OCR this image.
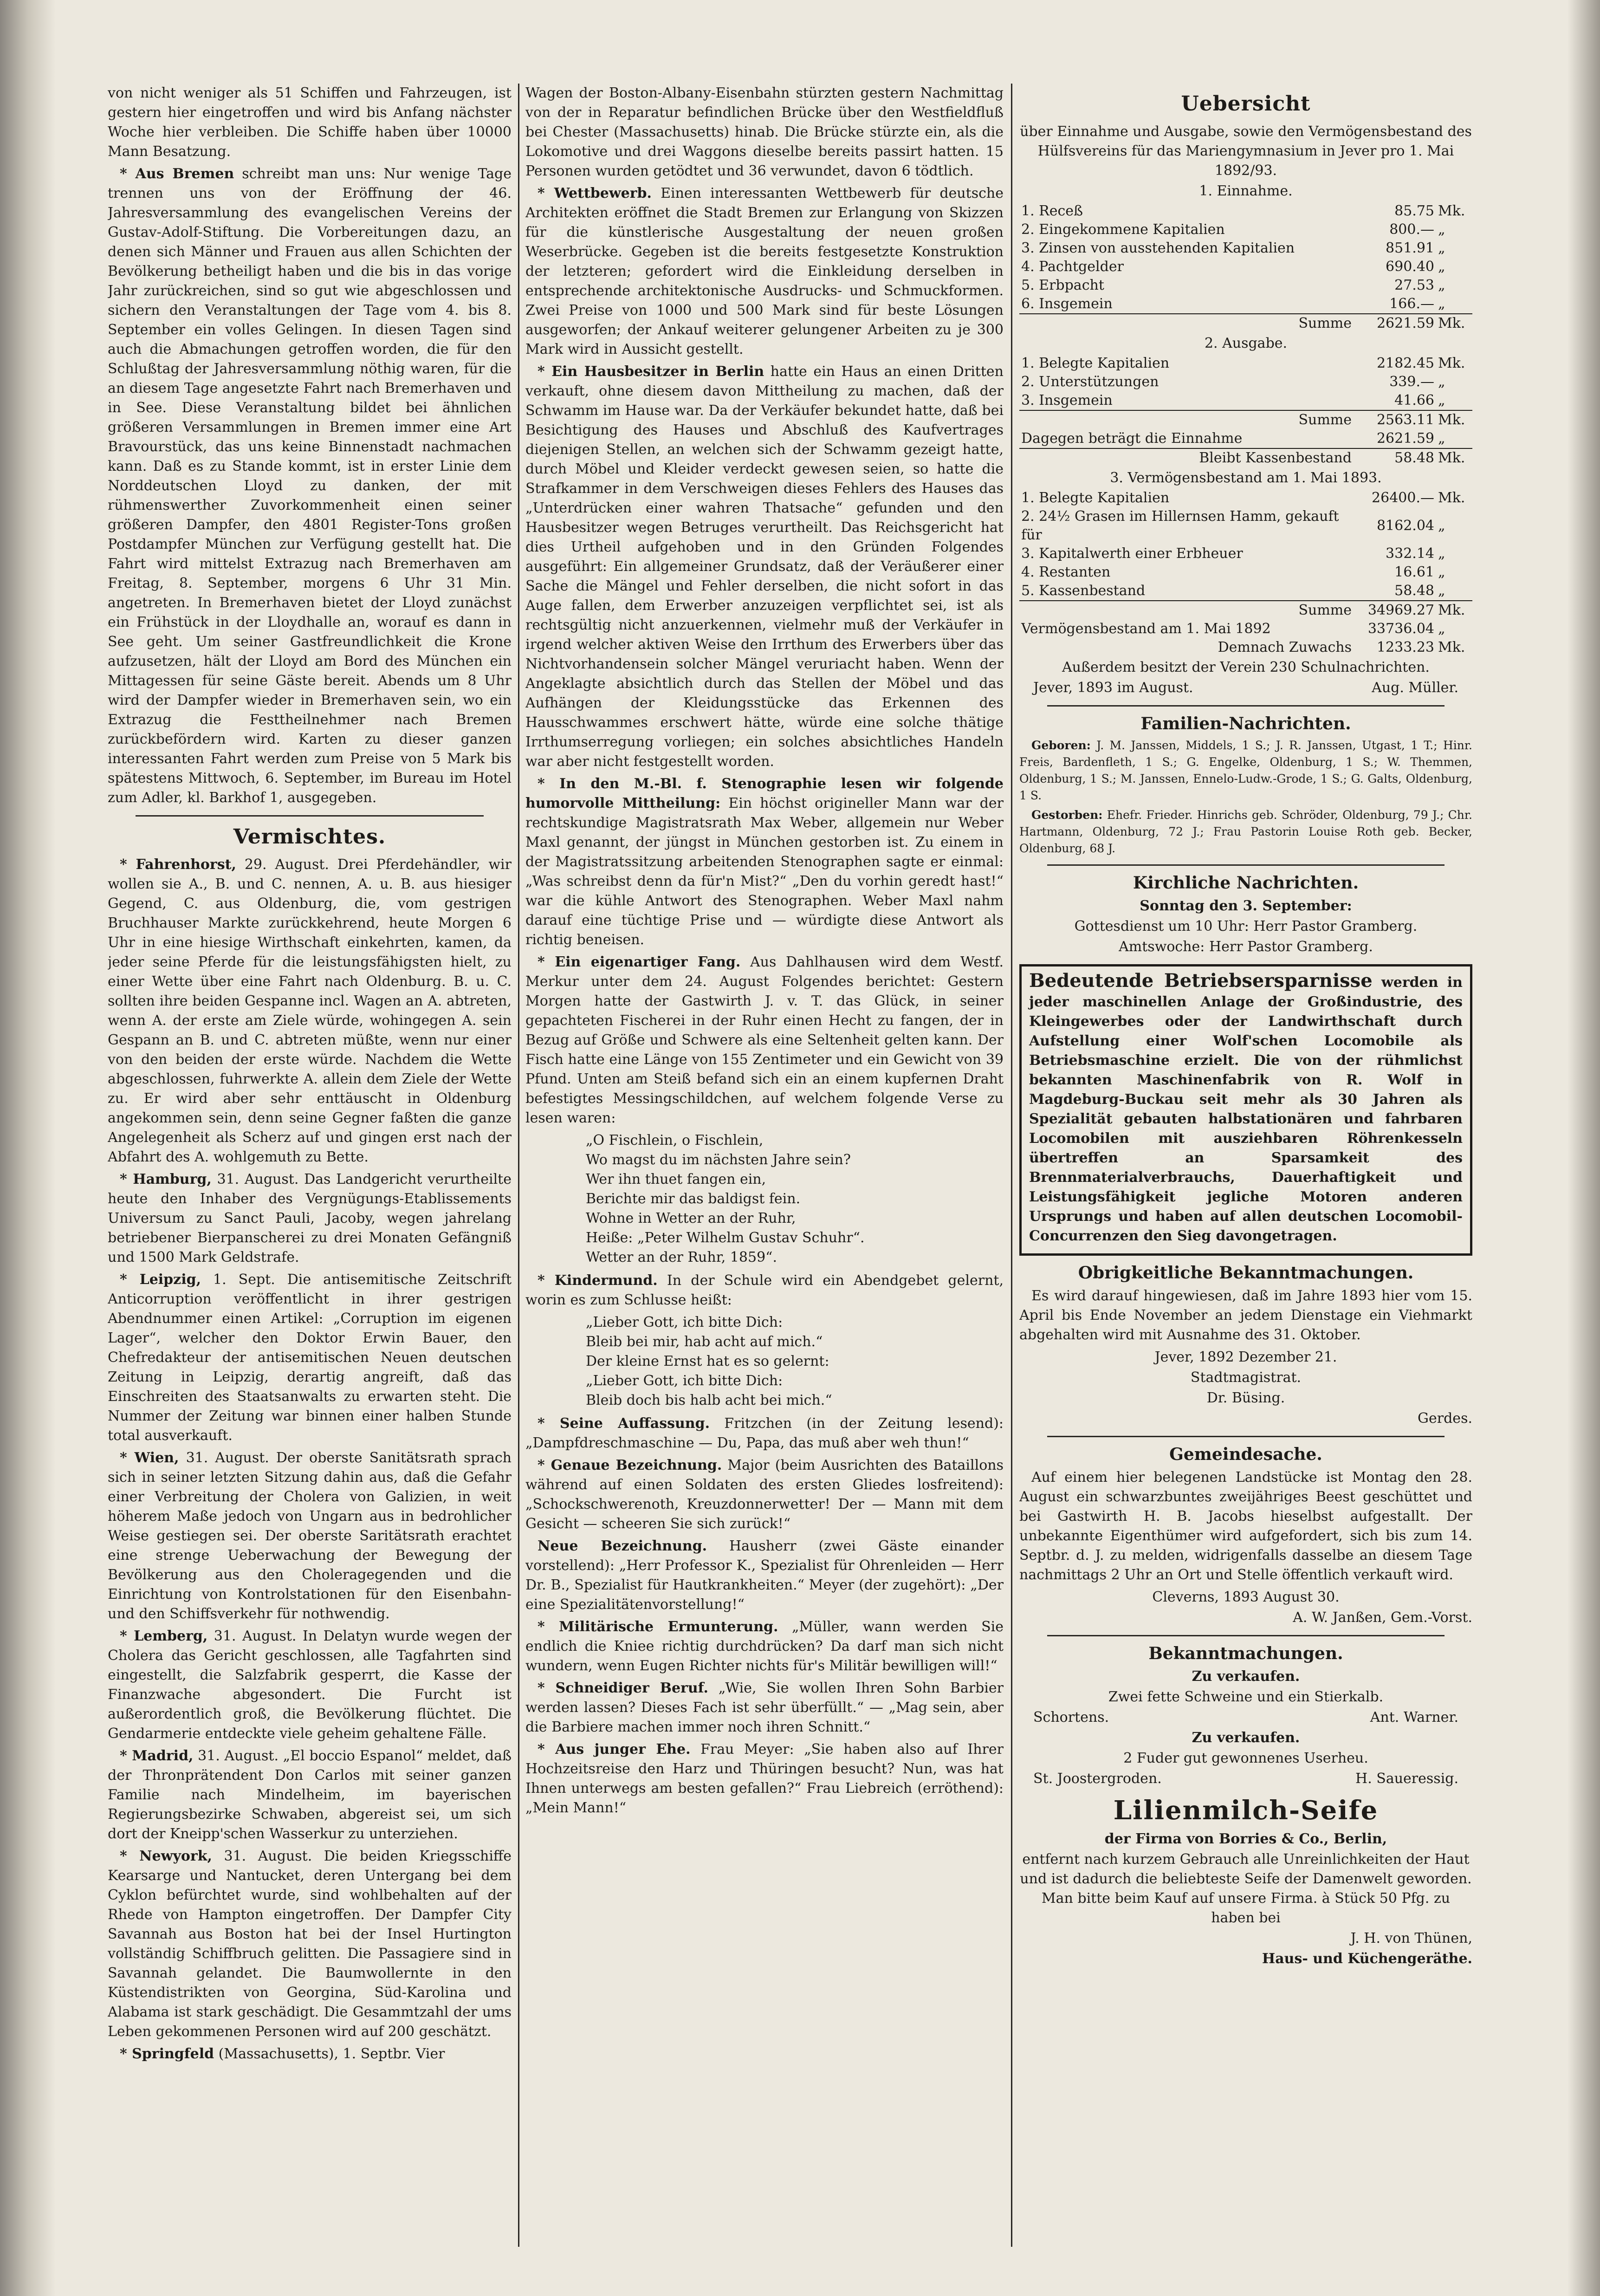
von nicht weniger als 51 Schiffen und Fahrzeugen, ist gestern hier eingetroffen und wird bis Anfang nächster Woche hier verbleiben. Die Schiffe haben über 10000 Mann Besatzung.

* Aus Bremen schreibt man uns: Nur wenige Tage trennen uns von der Eröffnung der 46. Jahresversammlung des evangelischen Vereins der Gustav-Adolf-Stiftung. Die Vorbereitungen dazu, an denen sich Männer und Frauen aus allen Schichten der Bevölkerung betheiligt haben und die bis in das vorige Jahr zurückreichen, sind so gut wie abgeschlossen und sichern den Veranstaltungen der Tage vom 4. bis 8. September ein volles Gelingen. In diesen Tagen sind auch die Abmachungen getroffen worden, die für den Schlußtag der Jahresversammlung nöthig waren, für die an diesem Tage angesetzte Fahrt nach Bremerhaven und in See. Diese Veranstaltung bildet bei ähnlichen größeren Versammlungen in Bremen immer eine Art Bravourstück, das uns keine Binnenstadt nachmachen kann. Daß es zu Stande kommt, ist in erster Linie dem Norddeutschen Lloyd zu danken, der mit rühmenswerther Zuvorkommenheit einen seiner größeren Dampfer, den 4801 Register-Tons großen Postdampfer München zur Verfügung gestellt hat. Die Fahrt wird mittelst Extrazug nach Bremerhaven am Freitag, 8. September, morgens 6 Uhr 31 Min. angetreten. In Bremerhaven bietet der Lloyd zunächst ein Frühstück in der Lloydhalle an, worauf es dann in See geht. Um seiner Gastfreundlichkeit die Krone aufzusetzen, hält der Lloyd am Bord des München ein Mittagessen für seine Gäste bereit. Abends um 8 Uhr wird der Dampfer wieder in Bremerhaven sein, wo ein Extrazug die Festtheilnehmer nach Bremen zurückbefördern wird. Karten zu dieser ganzen interessanten Fahrt werden zum Preise von 5 Mark bis spätestens Mittwoch, 6. September, im Bureau im Hotel zum Adler, kl. Barkhof 1, ausgegeben.

Vermischtes.

* Fahrenhorst, 29. August. Drei Pferdehändler, wir wollen sie A., B. und C. nennen, A. u. B. aus hiesiger Gegend, C. aus Oldenburg, die, vom gestrigen Bruchhauser Markte zurückkehrend, heute Morgen 6 Uhr in eine hiesige Wirthschaft einkehrten, kamen, da jeder seine Pferde für die leistungsfähigsten hielt, zu einer Wette über eine Fahrt nach Oldenburg. B. u. C. sollten ihre beiden Gespanne incl. Wagen an A. abtreten, wenn A. der erste am Ziele würde, wohingegen A. sein Gespann an B. und C. abtreten müßte, wenn nur einer von den beiden der erste würde. Nachdem die Wette abgeschlossen, fuhrwerkte A. allein dem Ziele der Wette zu. Er wird aber sehr enttäuscht in Oldenburg angekommen sein, denn seine Gegner faßten die ganze Angelegenheit als Scherz auf und gingen erst nach der Abfahrt des A. wohlgemuth zu Bette.

* Hamburg, 31. August. Das Landgericht verurtheilte heute den Inhaber des Vergnügungs-Etablissements Universum zu Sanct Pauli, Jacoby, wegen jahrelang betriebener Bierpanscherei zu drei Monaten Gefängniß und 1500 Mark Geldstrafe.

* Leipzig, 1. Sept. Die antisemitische Zeitschrift Anticorruption veröffentlicht in ihrer gestrigen Abendnummer einen Artikel: „Corruption im eigenen Lager“, welcher den Doktor Erwin Bauer, den Chefredakteur der antisemitischen Neuen deutschen Zeitung in Leipzig, derartig angreift, daß das Einschreiten des Staatsanwalts zu erwarten steht. Die Nummer der Zeitung war binnen einer halben Stunde total ausverkauft.

* Wien, 31. August. Der oberste Sanitätsrath sprach sich in seiner letzten Sitzung dahin aus, daß die Gefahr einer Verbreitung der Cholera von Galizien, in weit höherem Maße jedoch von Ungarn aus in bedrohlicher Weise gestiegen sei. Der oberste Saritätsrath erachtet eine strenge Ueberwachung der Bewegung der Bevölkerung aus den Choleragegenden und die Einrichtung von Kontrolstationen für den Eisenbahn- und den Schiffsverkehr für nothwendig.

* Lemberg, 31. August. In Delatyn wurde wegen der Cholera das Gericht geschlossen, alle Tagfahrten sind eingestellt, die Salzfabrik gesperrt, die Kasse der Finanzwache abgesondert. Die Furcht ist außerordentlich groß, die Bevölkerung flüchtet. Die Gendarmerie entdeckte viele geheim gehaltene Fälle.

* Madrid, 31. August. „El boccio Espanol“ meldet, daß der Thronprätendent Don Carlos mit seiner ganzen Familie nach Mindelheim, im bayerischen Regierungsbezirke Schwaben, abgereist sei, um sich dort der Kneipp'schen Wasserkur zu unterziehen.

* Newyork, 31. August. Die beiden Kriegsschiffe Kearsarge und Nantucket, deren Untergang bei dem Cyklon befürchtet wurde, sind wohlbehalten auf der Rhede von Hampton eingetroffen. Der Dampfer City Savannah aus Boston hat bei der Insel Hurtington vollständig Schiffbruch gelitten. Die Passagiere sind in Savannah gelandet. Die Baumwollernte in den Küstendistrikten von Georgina, Süd-Karolina und Alabama ist stark geschädigt. Die Gesammtzahl der ums Leben gekommenen Personen wird auf 200 geschätzt.

* Springfeld (Massachusetts), 1. Septbr. Vier

Wagen der Boston-Albany-Eisenbahn stürzten gestern Nachmittag von der in Reparatur befindlichen Brücke über den Westfieldfluß bei Chester (Massachusetts) hinab. Die Brücke stürzte ein, als die Lokomotive und drei Waggons dieselbe bereits passirt hatten. 15 Personen wurden getödtet und 36 verwundet, davon 6 tödtlich.

* Wettbewerb. Einen interessanten Wettbewerb für deutsche Architekten eröffnet die Stadt Bremen zur Erlangung von Skizzen für die künstlerische Ausgestaltung der neuen großen Weserbrücke. Gegeben ist die bereits festgesetzte Konstruktion der letzteren; gefordert wird die Einkleidung derselben in entsprechende architektonische Ausdrucks- und Schmuckformen. Zwei Preise von 1000 und 500 Mark sind für beste Lösungen ausgeworfen; der Ankauf weiterer gelungener Arbeiten zu je 300 Mark wird in Aussicht gestellt.

* Ein Hausbesitzer in Berlin hatte ein Haus an einen Dritten verkauft, ohne diesem davon Mittheilung zu machen, daß der Schwamm im Hause war. Da der Verkäufer bekundet hatte, daß bei Besichtigung des Hauses und Abschluß des Kaufvertrages diejenigen Stellen, an welchen sich der Schwamm gezeigt hatte, durch Möbel und Kleider verdeckt gewesen seien, so hatte die Strafkammer in dem Verschweigen dieses Fehlers des Hauses das „Unterdrücken einer wahren Thatsache“ gefunden und den Hausbesitzer wegen Betruges verurtheilt. Das Reichsgericht hat dies Urtheil aufgehoben und in den Gründen Folgendes ausgeführt: Ein allgemeiner Grundsatz, daß der Veräußerer einer Sache die Mängel und Fehler derselben, die nicht sofort in das Auge fallen, dem Erwerber anzuzeigen verpflichtet sei, ist als rechtsgültig nicht anzuerkennen, vielmehr muß der Verkäufer in irgend welcher aktiven Weise den Irrthum des Erwerbers über das Nichtvorhandensein solcher Mängel veruriacht haben. Wenn der Angeklagte absichtlich durch das Stellen der Möbel und das Aufhängen der Kleidungsstücke das Erkennen des Hausschwammes erschwert hätte, würde eine solche thätige Irrthumserregung vorliegen; ein solches absichtliches Handeln war aber nicht festgestellt worden.

* In den M.-Bl. f. Stenographie lesen wir folgende humorvolle Mittheilung: Ein höchst origineller Mann war der rechtskundige Magistratsrath Max Weber, allgemein nur Weber Maxl genannt, der jüngst in München gestorben ist. Zu einem in der Magistratssitzung arbeitenden Stenographen sagte er einmal: „Was schreibst denn da für'n Mist?“ „Den du vorhin geredt hast!“ war die kühle Antwort des Stenographen. Weber Maxl nahm darauf eine tüchtige Prise und — würdigte diese Antwort als richtig beneisen.

* Ein eigenartiger Fang. Aus Dahlhausen wird dem Westf. Merkur unter dem 24. August Folgendes berichtet: Gestern Morgen hatte der Gastwirth J. v. T. das Glück, in seiner gepachteten Fischerei in der Ruhr einen Hecht zu fangen, der in Bezug auf Größe und Schwere als eine Seltenheit gelten kann. Der Fisch hatte eine Länge von 155 Zentimeter und ein Gewicht von 39 Pfund. Unten am Steiß befand sich ein an einem kupfernen Draht befestigtes Messingschildchen, auf welchem folgende Verse zu lesen waren:

„O Fischlein, o Fischlein,
Wo magst du im nächsten Jahre sein?
Wer ihn thuet fangen ein,
Berichte mir das baldigst fein.
Wohne in Wetter an der Ruhr,
Heiße: „Peter Wilhelm Gustav Schuhr“.
Wetter an der Ruhr, 1859“.

* Kindermund. In der Schule wird ein Abendgebet gelernt, worin es zum Schlusse heißt:

„Lieber Gott, ich bitte Dich:
Bleib bei mir, hab acht auf mich.“
Der kleine Ernst hat es so gelernt:
„Lieber Gott, ich bitte Dich:
Bleib doch bis halb acht bei mich.“

* Seine Auffassung. Fritzchen (in der Zeitung lesend): „Dampfdreschmaschine — Du, Papa, das muß aber weh thun!“

* Genaue Bezeichnung. Major (beim Ausrichten des Bataillons während auf einen Soldaten des ersten Gliedes losfreitend): „Schockschwerenoth, Kreuzdonnerwetter! Der — Mann mit dem Gesicht — scheeren Sie sich zurück!“

Neue Bezeichnung. Hausherr (zwei Gäste einander vorstellend): „Herr Professor K., Spezialist für Ohrenleiden — Herr Dr. B., Spezialist für Hautkrankheiten.“ Meyer (der zugehört): „Der eine Spezialitätenvorstellung!“

* Militärische Ermunterung. „Müller, wann werden Sie endlich die Kniee richtig durchdrücken? Da darf man sich nicht wundern, wenn Eugen Richter nichts für's Militär bewilligen will!“

* Schneidiger Beruf. „Wie, Sie wollen Ihren Sohn Barbier werden lassen? Dieses Fach ist sehr überfüllt.“ — „Mag sein, aber die Barbiere machen immer noch ihren Schnitt.“

* Aus junger Ehe. Frau Meyer: „Sie haben also auf Ihrer Hochzeitsreise den Harz und Thüringen besucht? Nun, was hat Ihnen unterwegs am besten gefallen?“ Frau Liebreich (erröthend): „Mein Mann!“

Uebersicht
über Einnahme und Ausgabe, sowie den Vermögensbestand des Hülfsvereins für das Mariengymnasium in Jever pro 1. Mai 1892/93.
1. Einnahme.
1. Receß	85.75	Mk.
2. Eingekommene Kapitalien	800.—	„
3. Zinsen von ausstehenden Kapitalien	851.91	„
4. Pachtgelder	690.40	„
5. Erbpacht	27.53	„
6. Insgemein	166.—	„
Summe	2621.59	Mk.
2. Ausgabe.
1. Belegte Kapitalien	2182.45	Mk.
2. Unterstützungen	339.—	„
3. Insgemein	41.66	„
Summe	2563.11	Mk.
Dagegen beträgt die Einnahme	2621.59	„
Bleibt Kassenbestand	58.48	Mk.
3. Vermögensbestand am 1. Mai 1893.
1. Belegte Kapitalien	26400.—	Mk.
2. 24½ Grasen im Hillernsen Hamm, gekauft für	8162.04	„
3. Kapitalwerth einer Erbheuer	332.14	„
4. Restanten	16.61	„
5. Kassenbestand	58.48	„
Summe	34969.27	Mk.
Vermögensbestand am 1. Mai 1892	33736.04	„
Demnach Zuwachs	1233.23	Mk.
Außerdem besitzt der Verein 230 Schulnachrichten.
Jever, 1893 im August.	Aug. Müller.
Familien-Nachrichten.

Geboren: J. M. Janssen, Middels, 1 S.; J. R. Janssen, Utgast, 1 T.; Hinr. Freis, Bardenfleth, 1 S.; G. Engelke, Oldenburg, 1 S.; W. Themmen, Oldenburg, 1 S.; M. Janssen, Ennelo-Ludw.-Grode, 1 S.; G. Galts, Oldenburg, 1 S.

Gestorben: Ehefr. Frieder. Hinrichs geb. Schröder, Oldenburg, 79 J.; Chr. Hartmann, Oldenburg, 72 J.; Frau Pastorin Louise Roth geb. Becker, Oldenburg, 68 J.

Kirchliche Nachrichten.
Sonntag den 3. September:
Gottesdienst um 10 Uhr: Herr Pastor Gramberg.
Amtswoche: Herr Pastor Gramberg.

Bedeutende Betriebsersparnisse werden in jeder maschinellen Anlage der Großindustrie, des Kleingewerbes oder der Landwirthschaft durch Aufstellung einer Wolf'schen Locomobile als Betriebsmaschine erzielt. Die von der rühmlichst bekannten Maschinenfabrik von R. Wolf in Magdeburg-Buckau seit mehr als 30 Jahren als Spezialität gebauten halbstationären und fahrbaren Locomobilen mit ausziehbaren Röhrenkesseln übertreffen an Sparsamkeit des Brennmaterialverbrauchs, Dauerhaftigkeit und Leistungsfähigkeit jegliche Motoren anderen Ursprungs und haben auf allen deutschen Locomobil-Concurrenzen den Sieg davongetragen.

Obrigkeitliche Bekanntmachungen.

Es wird darauf hingewiesen, daß im Jahre 1893 hier vom 15. April bis Ende November an jedem Dienstage ein Viehmarkt abgehalten wird mit Ausnahme des 31. Oktober.

Jever, 1892 Dezember 21.
Stadtmagistrat.
Dr. Büsing.
Gerdes.
Gemeindesache.

Auf einem hier belegenen Landstücke ist Montag den 28. August ein schwarzbuntes zweijähriges Beest geschüttet und bei Gastwirth H. B. Jacobs hieselbst aufgestallt. Der unbekannte Eigenthümer wird aufgefordert, sich bis zum 14. Septbr. d. J. zu melden, widrigenfalls dasselbe an diesem Tage nachmittags 2 Uhr an Ort und Stelle öffentlich verkauft wird.

Cleverns, 1893 August 30.
A. W. Janßen, Gem.-Vorst.
Bekanntmachungen.
Zu verkaufen.
Zwei fette Schweine und ein Stierkalb.
Schortens.	Ant. Warner.
Zu verkaufen.
2 Fuder gut gewonnenes Userheu.
St. Joostergroden.	H. Saueressig.
Lilienmilch-Seife
der Firma von Borries & Co., Berlin,
entfernt nach kurzem Gebrauch alle Unreinlichkeiten der Haut und ist dadurch die beliebteste Seife der Damenwelt geworden. Man bitte beim Kauf auf unsere Firma. à Stück 50 Pfg. zu haben bei
J. H. von Thünen,
Haus- und Küchengeräthe.
